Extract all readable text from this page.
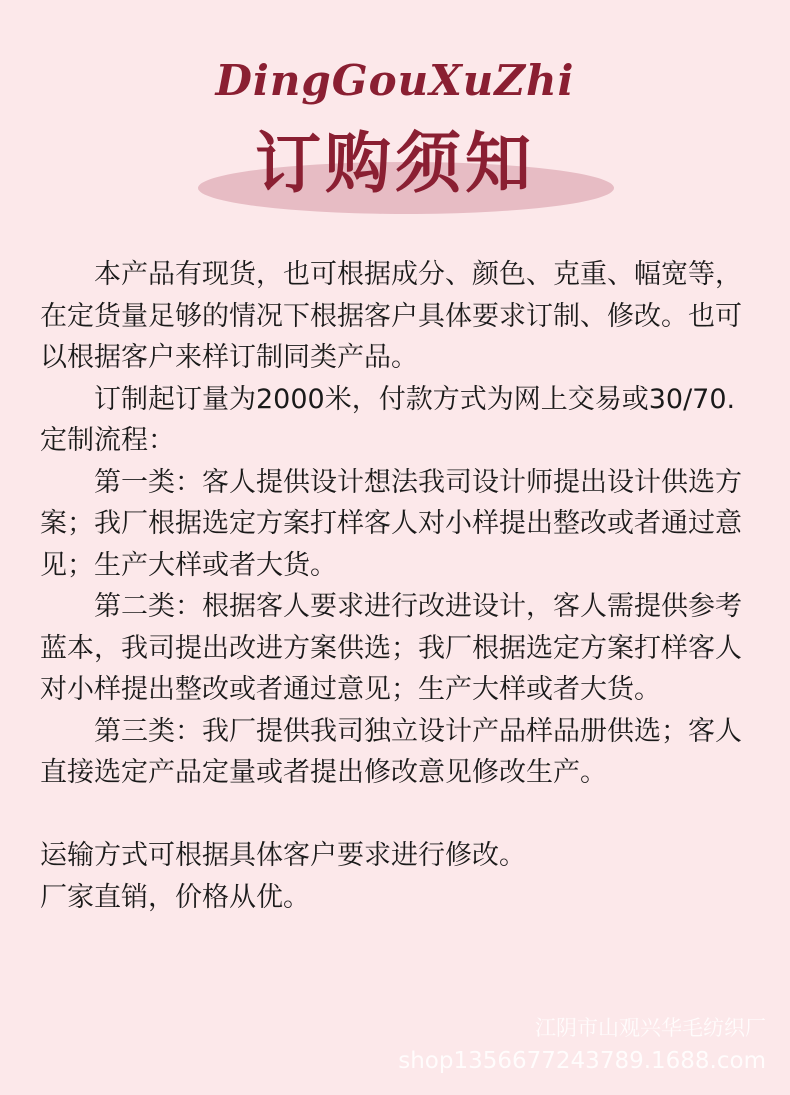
DingGouXuZhi
订购须知

本产品有现货，也可根据成分、颜色、克重、幅宽等，在定货量足够的情况下根据客户具体要求订制、修改。也可以根据客户来样订制同类产品。

订制起订量为2000米，付款方式为网上交易或30/70.

定制流程：

第一类：客人提供设计想法我司设计师提出设计供选方案；我厂根据选定方案打样客人对小样提出整改或者通过意见；生产大样或者大货。

第二类：根据客人要求进行改进设计，客人需提供参考蓝本，我司提出改进方案供选；我厂根据选定方案打样客人对小样提出整改或者通过意见；生产大样或者大货。

第三类：我厂提供我司独立设计产品样品册供选；客人直接选定产品定量或者提出修改意见修改生产。

运输方式可根据具体客户要求进行修改。

厂家直销，价格从优。

江阴市山观兴华毛纺织厂
shop1356677243789.1688.com
